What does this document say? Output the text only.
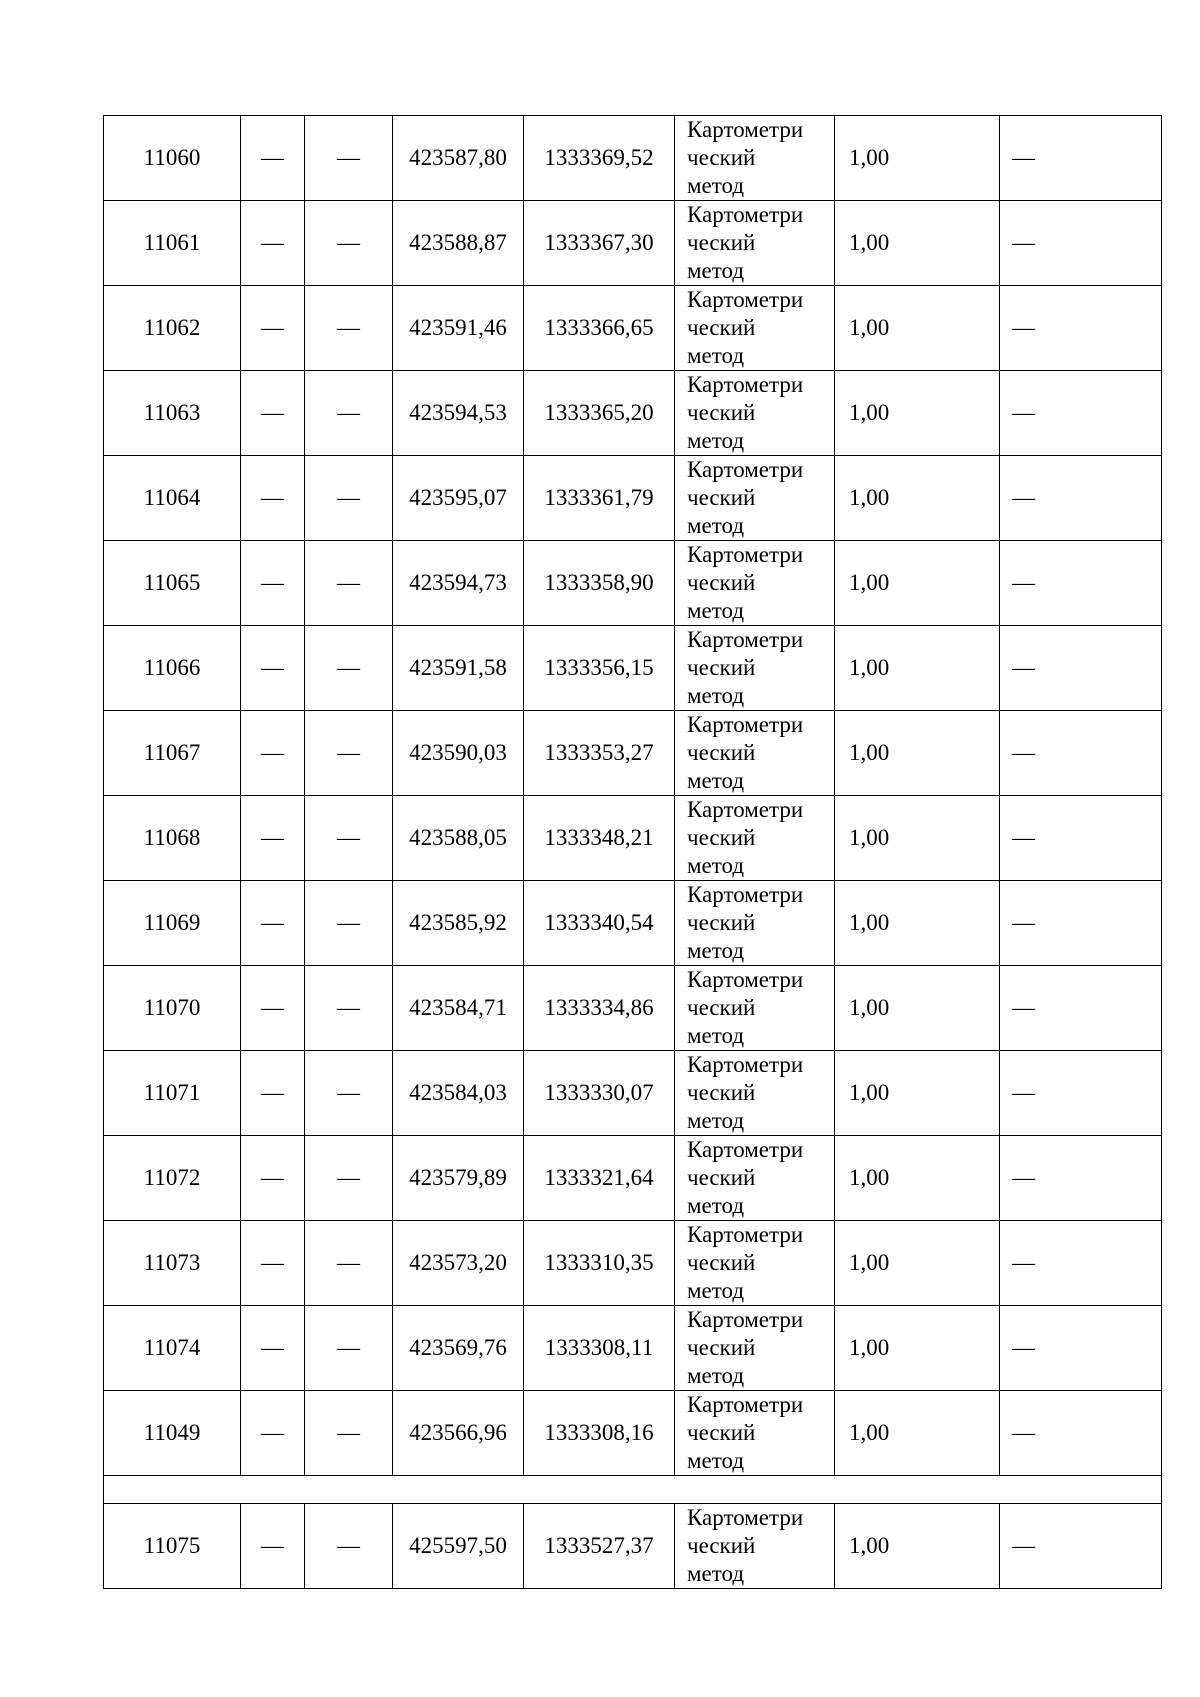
11060	—	—	423587,80	1333369,52	Картометри
ческий
метод	1,00	—
11061	—	—	423588,87	1333367,30	Картометри
ческий
метод	1,00	—
11062	—	—	423591,46	1333366,65	Картометри
ческий
метод	1,00	—
11063	—	—	423594,53	1333365,20	Картометри
ческий
метод	1,00	—
11064	—	—	423595,07	1333361,79	Картометри
ческий
метод	1,00	—
11065	—	—	423594,73	1333358,90	Картометри
ческий
метод	1,00	—
11066	—	—	423591,58	1333356,15	Картометри
ческий
метод	1,00	—
11067	—	—	423590,03	1333353,27	Картометри
ческий
метод	1,00	—
11068	—	—	423588,05	1333348,21	Картометри
ческий
метод	1,00	—
11069	—	—	423585,92	1333340,54	Картометри
ческий
метод	1,00	—
11070	—	—	423584,71	1333334,86	Картометри
ческий
метод	1,00	—
11071	—	—	423584,03	1333330,07	Картометри
ческий
метод	1,00	—
11072	—	—	423579,89	1333321,64	Картометри
ческий
метод	1,00	—
11073	—	—	423573,20	1333310,35	Картометри
ческий
метод	1,00	—
11074	—	—	423569,76	1333308,11	Картометри
ческий
метод	1,00	—
11049	—	—	423566,96	1333308,16	Картометри
ческий
метод	1,00	—

11075	—	—	425597,50	1333527,37	Картометри
ческий
метод	1,00	—
